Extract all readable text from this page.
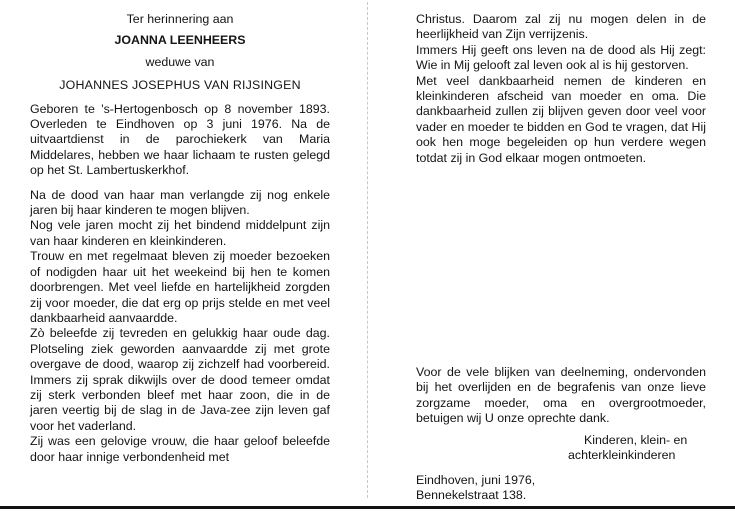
Ter herinnering aan

JOANNA LEENHEERS

weduwe van

JOHANNES JOSEPHUS VAN RIJSINGEN

Geboren te 's-Hertogenbosch op 8 november 1893. Overleden te Eindhoven op 3 juni 1976. Na de uitvaartdienst in de parochiekerk van Maria Middelares, hebben we haar lichaam te rusten gelegd op het St. Lambertuskerkhof.

Na de dood van haar man verlangde zij nog enkele jaren bij haar kinderen te mogen blijven.

Nog vele jaren mocht zij het bindend middelpunt zijn van haar kinderen en kleinkinderen.

Trouw en met regelmaat bleven zij moeder bezoeken of nodigden haar uit het weekeind bij hen te komen doorbrengen. Met veel liefde en hartelijkheid zorgden zij voor moeder, die dat erg op prijs stelde en met veel dankbaarheid aanvaardde.

Zò beleefde zij tevreden en gelukkig haar oude dag. Plotseling ziek geworden aanvaardde zij met grote overgave de dood, waarop zij zichzelf had voorbereid. Immers zij sprak dikwijls over de dood temeer omdat zij sterk verbonden bleef met haar zoon, die in de jaren veertig bij de slag in de Java-zee zijn leven gaf voor het vaderland.

Zij was een gelovige vrouw, die haar geloof beleefde door haar innige verbondenheid met

Christus. Daarom zal zij nu mogen delen in de heerlijkheid van Zijn verrijzenis.

Immers Hij geeft ons leven na de dood als Hij zegt: Wie in Mij gelooft zal leven ook al is hij gestorven.

Met veel dankbaarheid nemen de kinderen en kleinkinderen afscheid van moeder en oma. Die dankbaarheid zullen zij blijven geven door veel voor vader en moeder te bidden en God te vragen, dat Hij ook hen moge begeleiden op hun verdere wegen totdat zij in God elkaar mogen ontmoeten.

Voor de vele blijken van deelneming, ondervonden bij het overlijden en de begrafenis van onze lieve zorgzame moeder, oma en overgrootmoeder, betuigen wij U onze oprechte dank.

Kinderen, klein- en

achterkleinkinderen

Eindhoven, juni 1976,

Bennekelstraat 138.
